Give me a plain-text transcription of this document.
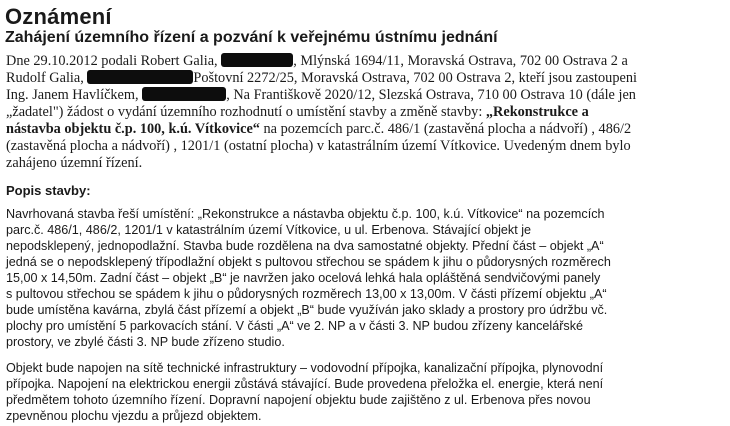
Oznámení
Zahájení územního řízení a pozvání k veřejnému ústnímu jednání
Dne 29.10.2012 podali Robert Galia,	, Mlýnská 1694/11, Moravská Ostrava, 702 00 Ostrava 2 a
Rudolf Galia,	Poštovní 2272/25, Moravská Ostrava, 702 00 Ostrava 2, kteří jsou zastoupeni
Ing. Janem Havlíčkem,	, Na Františkově 2020/12, Slezská Ostrava, 710 00 Ostrava 10 (dále jen
„žadatel") žádost o vydání územního rozhodnutí o umístění stavby a změně stavby: „Rekonstrukce a
nástavba objektu č.p. 100, k.ú. Vítkovice“ na pozemcích parc.č. 486/1 (zastavěná plocha a nádvoří) , 486/2
(zastavěná plocha a nádvoří) , 1201/1 (ostatní plocha) v katastrálním území Vítkovice. Uvedeným dnem bylo
zahájeno územní řízení.
Popis stavby:
Navrhovaná stavba řeší umístění: „Rekonstrukce a nástavba objektu č.p. 100, k.ú. Vítkovice“ na pozemcích
parc.č. 486/1, 486/2, 1201/1 v katastrálním území Vítkovice, u ul. Erbenova. Stávající objekt je
nepodsklepený, jednopodlažní. Stavba bude rozdělena na dva samostatné objekty. Přední část – objekt „A“
jedná se o nepodsklepený třípodlažní objekt s pultovou střechou se spádem k jihu o půdorysných rozměrech
15,00 x 14,50m. Zadní část – objekt „B“ je navržen jako ocelová lehká hala opláštěná sendvičovými panely
s pultovou střechou se spádem k jihu o půdorysných rozměrech 13,00 x 13,00m. V části přízemí objektu „A“
bude umístěna kavárna, zbylá část přízemí a objekt „B“ bude využíván jako sklady a prostory pro údržbu vč.
plochy pro umístění 5 parkovacích stání. V části „A“ ve 2. NP a v části 3. NP budou zřízeny kancelářské
prostory, ve zbylé části 3. NP bude zřízeno studio.
Objekt bude napojen na sítě technické infrastruktury – vodovodní přípojka, kanalizační přípojka, plynovodní
přípojka. Napojení na elektrickou energii zůstává stávající. Bude provedena přeložka el. energie, která není
předmětem tohoto územního řízení. Dopravní napojení objektu bude zajištěno z ul. Erbenova přes novou
zpevněnou plochu vjezdu a průjezd objektem.
